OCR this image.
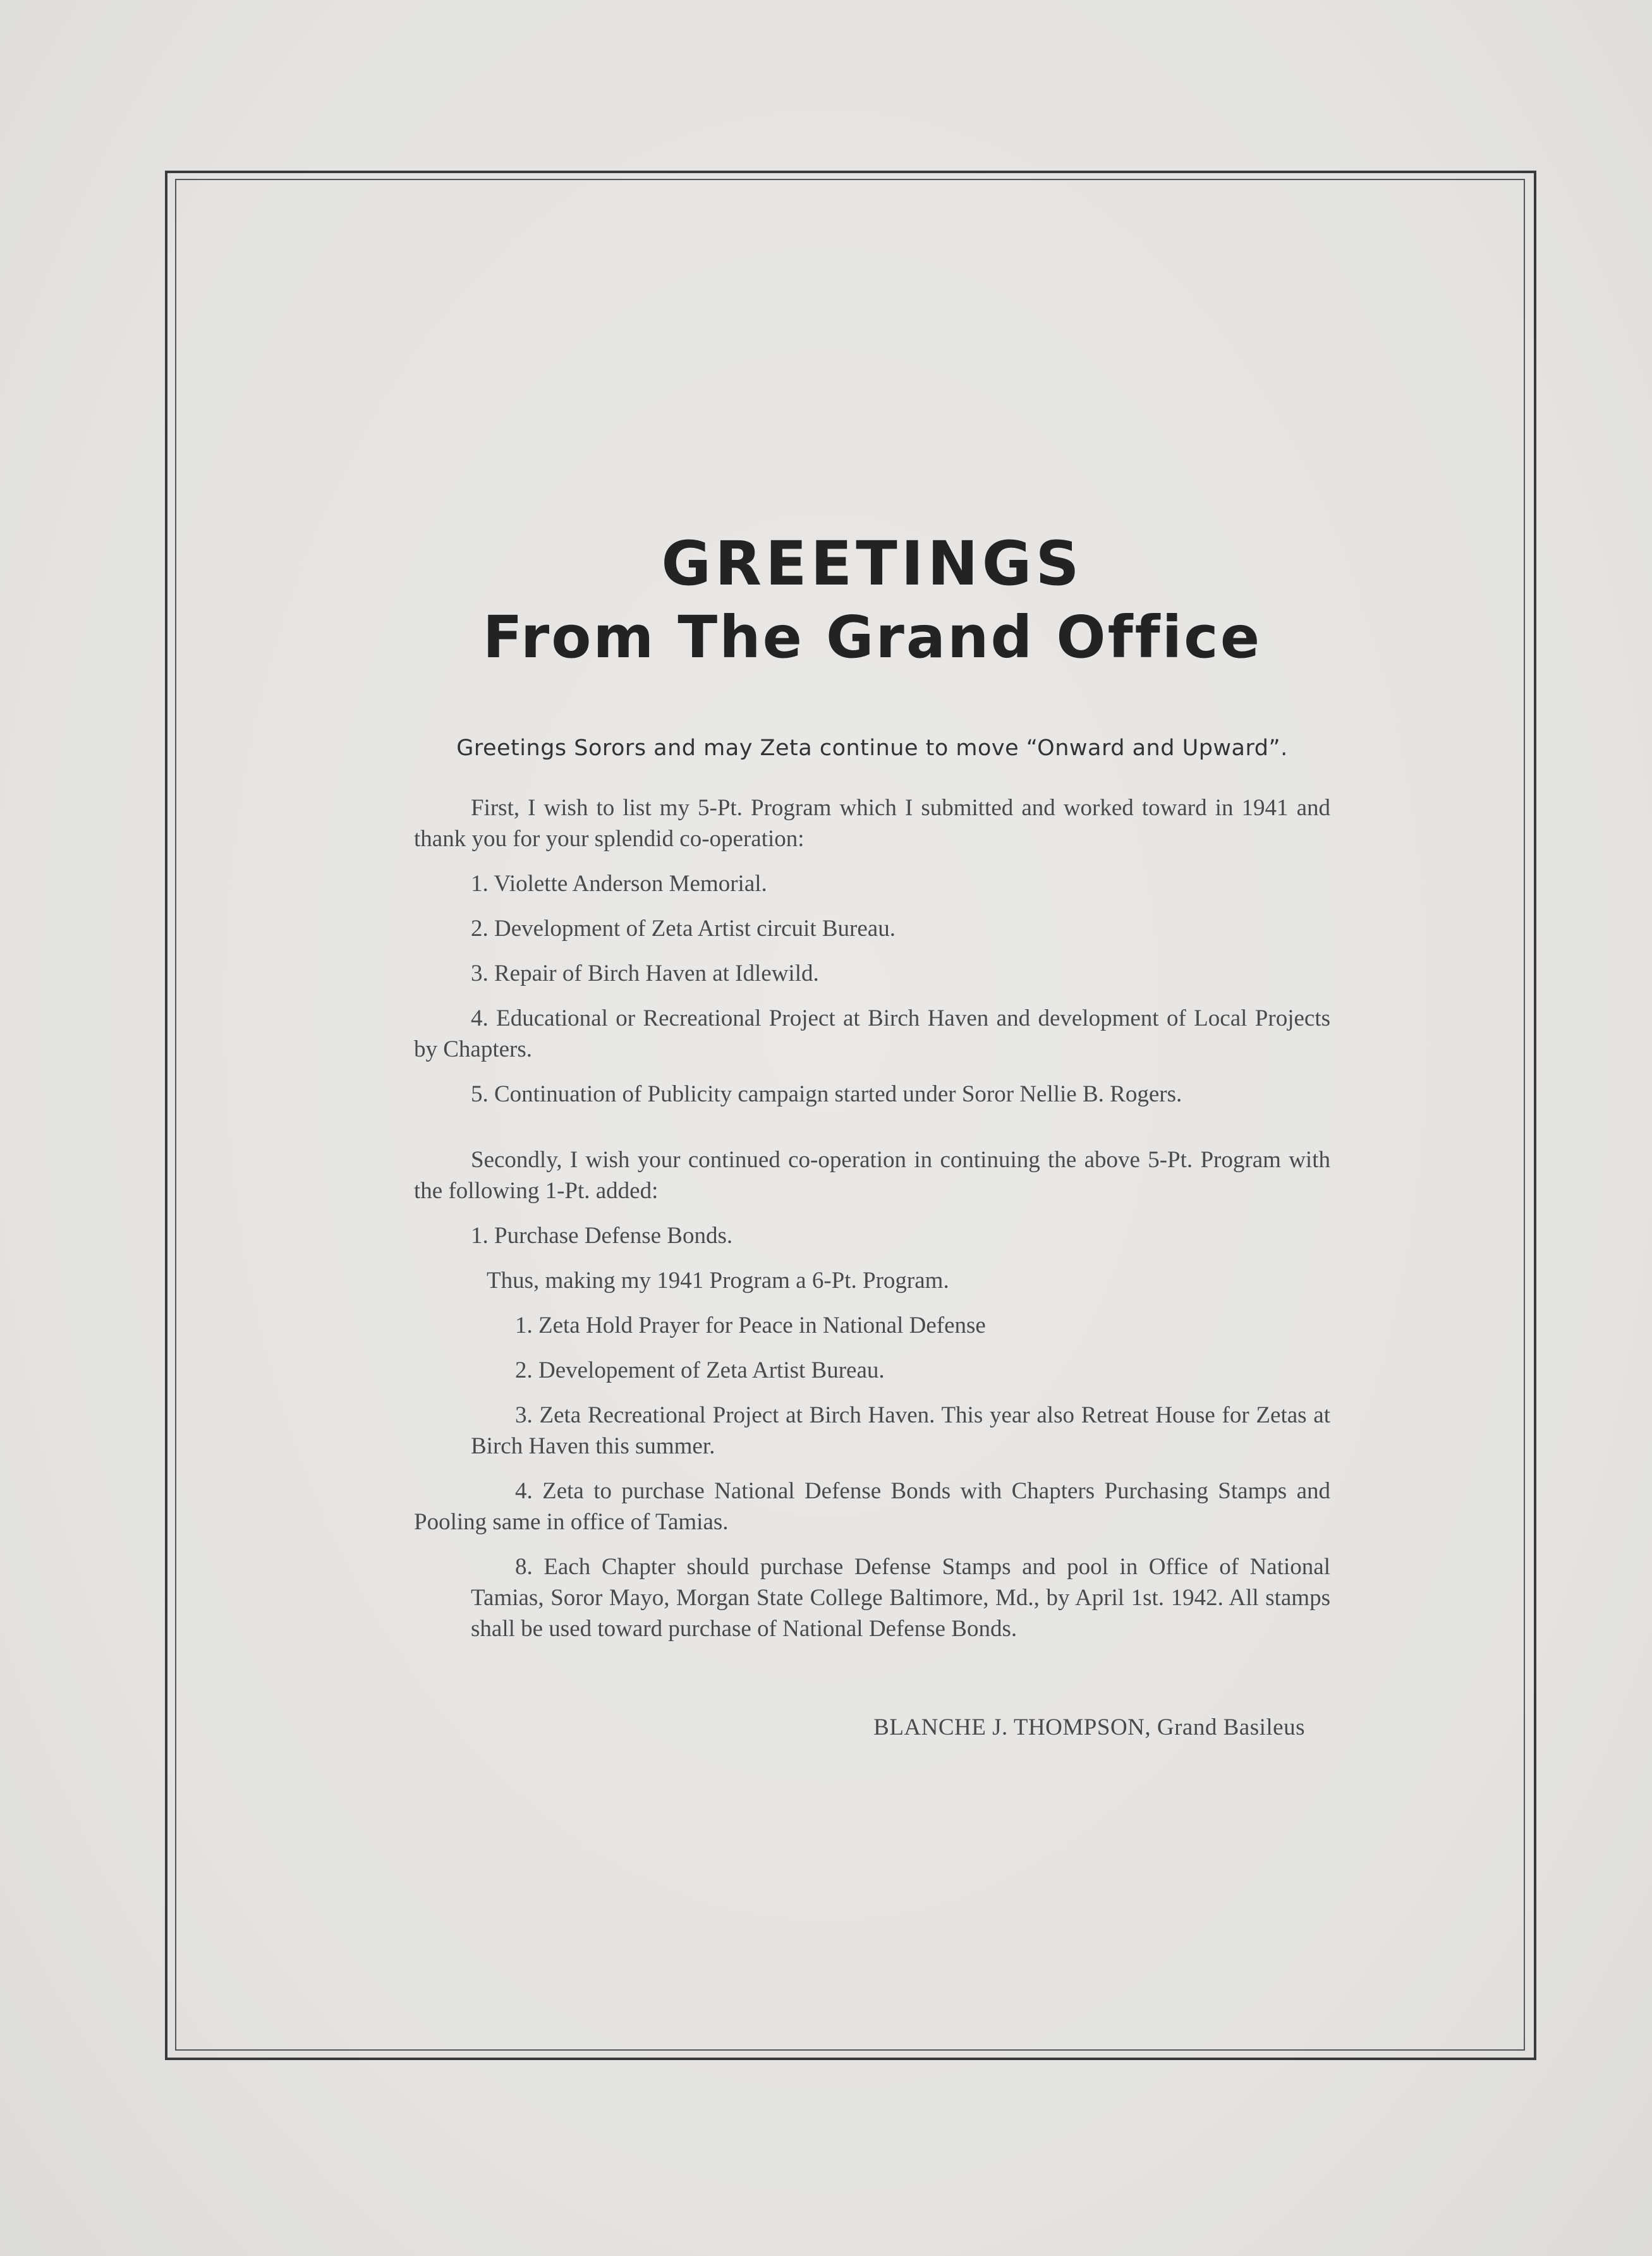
GREETINGS
From The Grand Office

Greetings Sorors and may Zeta continue to move “Onward and Upward”.

First, I wish to list my 5-Pt. Program which I submitted and worked toward in 1941 and thank you for your splendid co-operation:

1. Violette Anderson Memorial.

2. Development of Zeta Artist circuit Bureau.

3. Repair of Birch Haven at Idlewild.

4. Educational or Recreational Project at Birch Haven and development of Local Projects by Chapters.

5. Continuation of Publicity campaign started under Soror Nellie B. Rogers.

Secondly, I wish your continued co-operation in continuing the above 5-Pt. Program with the following 1-Pt. added:

1. Purchase Defense Bonds.

Thus, making my 1941 Program a 6-Pt. Program.

1. Zeta Hold Prayer for Peace in National Defense

2. Developement of Zeta Artist Bureau.

3. Zeta Recreational Project at Birch Haven. This year also Retreat House for Zetas at Birch Haven this summer.

4. Zeta to purchase National Defense Bonds with Chapters Purchasing Stamps and Pooling same in office of Tamias.

8. Each Chapter should purchase Defense Stamps and pool in Office of National Tamias, Soror Mayo, Morgan State College Baltimore, Md., by April 1st. 1942. All stamps shall be used toward purchase of National Defense Bonds.

BLANCHE J. THOMPSON, Grand Basileus
